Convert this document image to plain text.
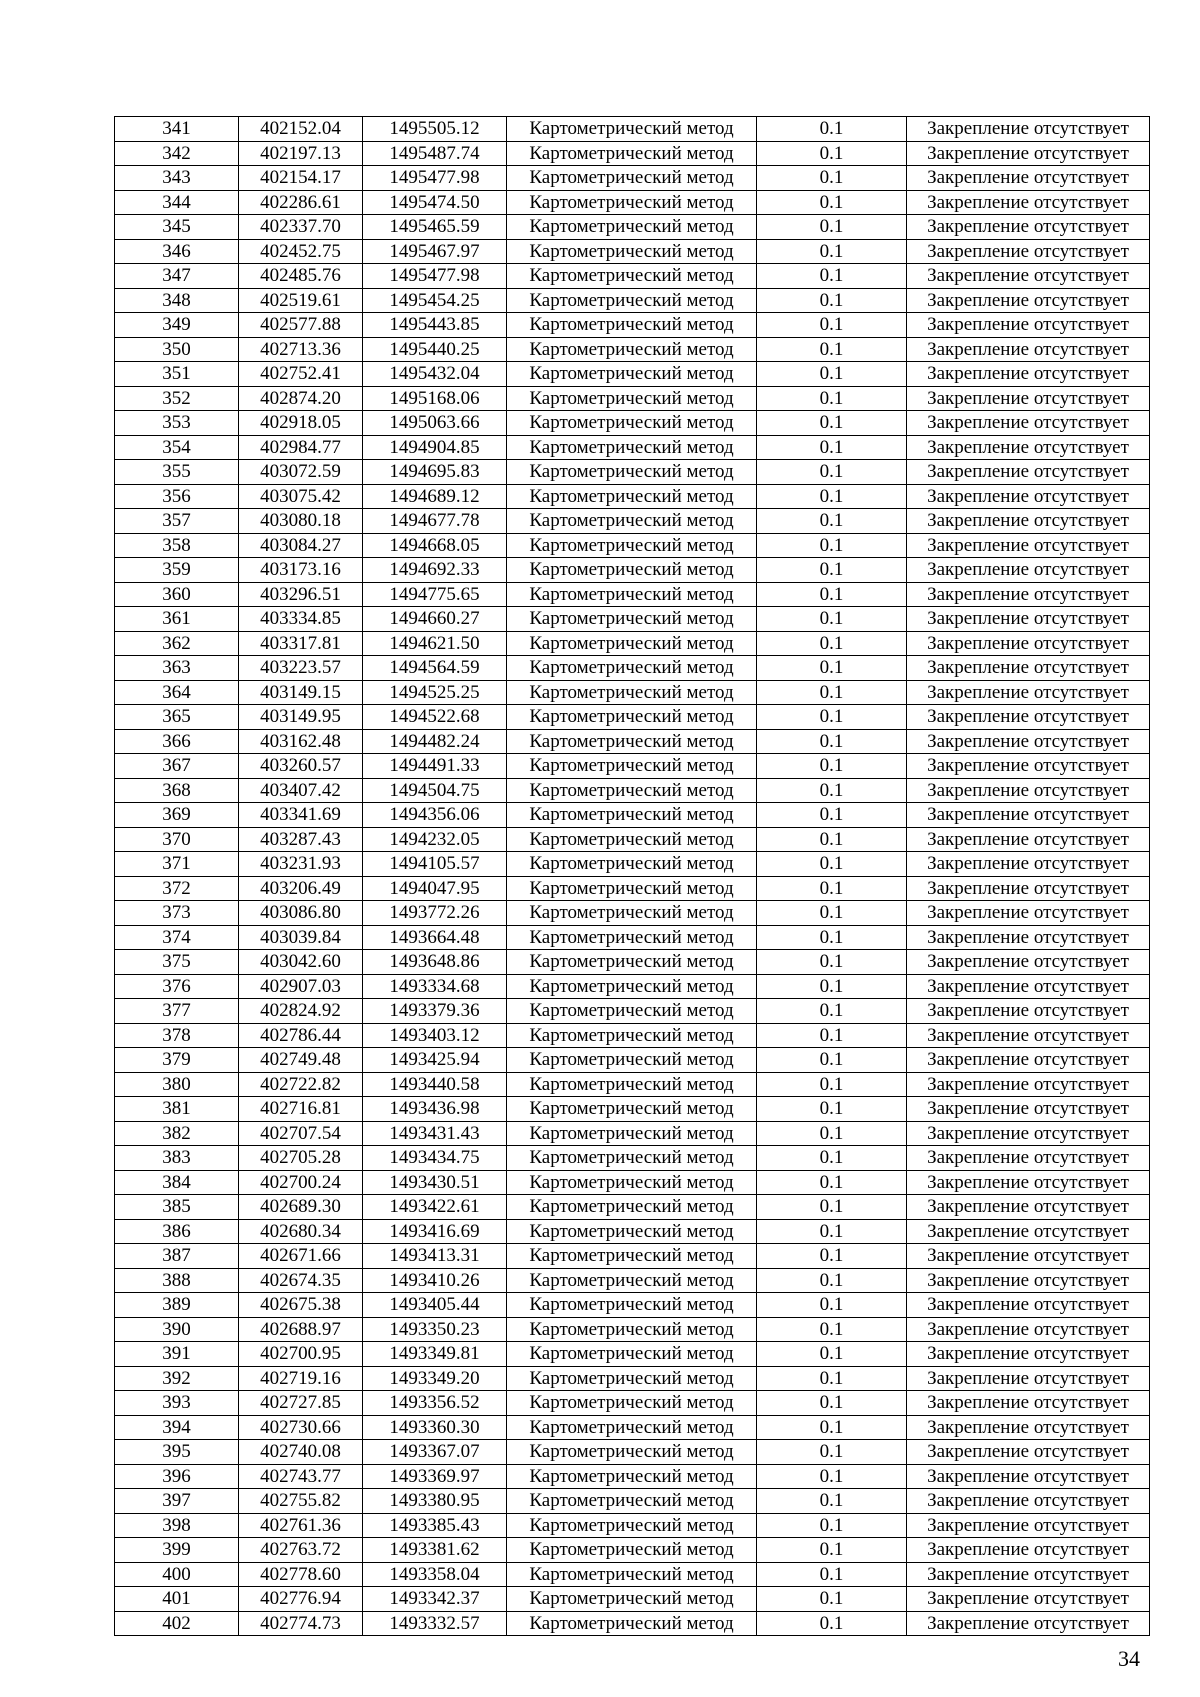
341	402152.04	1495505.12	Картометрический метод	0.1	Закрепление отсутствует
342	402197.13	1495487.74	Картометрический метод	0.1	Закрепление отсутствует
343	402154.17	1495477.98	Картометрический метод	0.1	Закрепление отсутствует
344	402286.61	1495474.50	Картометрический метод	0.1	Закрепление отсутствует
345	402337.70	1495465.59	Картометрический метод	0.1	Закрепление отсутствует
346	402452.75	1495467.97	Картометрический метод	0.1	Закрепление отсутствует
347	402485.76	1495477.98	Картометрический метод	0.1	Закрепление отсутствует
348	402519.61	1495454.25	Картометрический метод	0.1	Закрепление отсутствует
349	402577.88	1495443.85	Картометрический метод	0.1	Закрепление отсутствует
350	402713.36	1495440.25	Картометрический метод	0.1	Закрепление отсутствует
351	402752.41	1495432.04	Картометрический метод	0.1	Закрепление отсутствует
352	402874.20	1495168.06	Картометрический метод	0.1	Закрепление отсутствует
353	402918.05	1495063.66	Картометрический метод	0.1	Закрепление отсутствует
354	402984.77	1494904.85	Картометрический метод	0.1	Закрепление отсутствует
355	403072.59	1494695.83	Картометрический метод	0.1	Закрепление отсутствует
356	403075.42	1494689.12	Картометрический метод	0.1	Закрепление отсутствует
357	403080.18	1494677.78	Картометрический метод	0.1	Закрепление отсутствует
358	403084.27	1494668.05	Картометрический метод	0.1	Закрепление отсутствует
359	403173.16	1494692.33	Картометрический метод	0.1	Закрепление отсутствует
360	403296.51	1494775.65	Картометрический метод	0.1	Закрепление отсутствует
361	403334.85	1494660.27	Картометрический метод	0.1	Закрепление отсутствует
362	403317.81	1494621.50	Картометрический метод	0.1	Закрепление отсутствует
363	403223.57	1494564.59	Картометрический метод	0.1	Закрепление отсутствует
364	403149.15	1494525.25	Картометрический метод	0.1	Закрепление отсутствует
365	403149.95	1494522.68	Картометрический метод	0.1	Закрепление отсутствует
366	403162.48	1494482.24	Картометрический метод	0.1	Закрепление отсутствует
367	403260.57	1494491.33	Картометрический метод	0.1	Закрепление отсутствует
368	403407.42	1494504.75	Картометрический метод	0.1	Закрепление отсутствует
369	403341.69	1494356.06	Картометрический метод	0.1	Закрепление отсутствует
370	403287.43	1494232.05	Картометрический метод	0.1	Закрепление отсутствует
371	403231.93	1494105.57	Картометрический метод	0.1	Закрепление отсутствует
372	403206.49	1494047.95	Картометрический метод	0.1	Закрепление отсутствует
373	403086.80	1493772.26	Картометрический метод	0.1	Закрепление отсутствует
374	403039.84	1493664.48	Картометрический метод	0.1	Закрепление отсутствует
375	403042.60	1493648.86	Картометрический метод	0.1	Закрепление отсутствует
376	402907.03	1493334.68	Картометрический метод	0.1	Закрепление отсутствует
377	402824.92	1493379.36	Картометрический метод	0.1	Закрепление отсутствует
378	402786.44	1493403.12	Картометрический метод	0.1	Закрепление отсутствует
379	402749.48	1493425.94	Картометрический метод	0.1	Закрепление отсутствует
380	402722.82	1493440.58	Картометрический метод	0.1	Закрепление отсутствует
381	402716.81	1493436.98	Картометрический метод	0.1	Закрепление отсутствует
382	402707.54	1493431.43	Картометрический метод	0.1	Закрепление отсутствует
383	402705.28	1493434.75	Картометрический метод	0.1	Закрепление отсутствует
384	402700.24	1493430.51	Картометрический метод	0.1	Закрепление отсутствует
385	402689.30	1493422.61	Картометрический метод	0.1	Закрепление отсутствует
386	402680.34	1493416.69	Картометрический метод	0.1	Закрепление отсутствует
387	402671.66	1493413.31	Картометрический метод	0.1	Закрепление отсутствует
388	402674.35	1493410.26	Картометрический метод	0.1	Закрепление отсутствует
389	402675.38	1493405.44	Картометрический метод	0.1	Закрепление отсутствует
390	402688.97	1493350.23	Картометрический метод	0.1	Закрепление отсутствует
391	402700.95	1493349.81	Картометрический метод	0.1	Закрепление отсутствует
392	402719.16	1493349.20	Картометрический метод	0.1	Закрепление отсутствует
393	402727.85	1493356.52	Картометрический метод	0.1	Закрепление отсутствует
394	402730.66	1493360.30	Картометрический метод	0.1	Закрепление отсутствует
395	402740.08	1493367.07	Картометрический метод	0.1	Закрепление отсутствует
396	402743.77	1493369.97	Картометрический метод	0.1	Закрепление отсутствует
397	402755.82	1493380.95	Картометрический метод	0.1	Закрепление отсутствует
398	402761.36	1493385.43	Картометрический метод	0.1	Закрепление отсутствует
399	402763.72	1493381.62	Картометрический метод	0.1	Закрепление отсутствует
400	402778.60	1493358.04	Картометрический метод	0.1	Закрепление отсутствует
401	402776.94	1493342.37	Картометрический метод	0.1	Закрепление отсутствует
402	402774.73	1493332.57	Картометрический метод	0.1	Закрепление отсутствует
34
